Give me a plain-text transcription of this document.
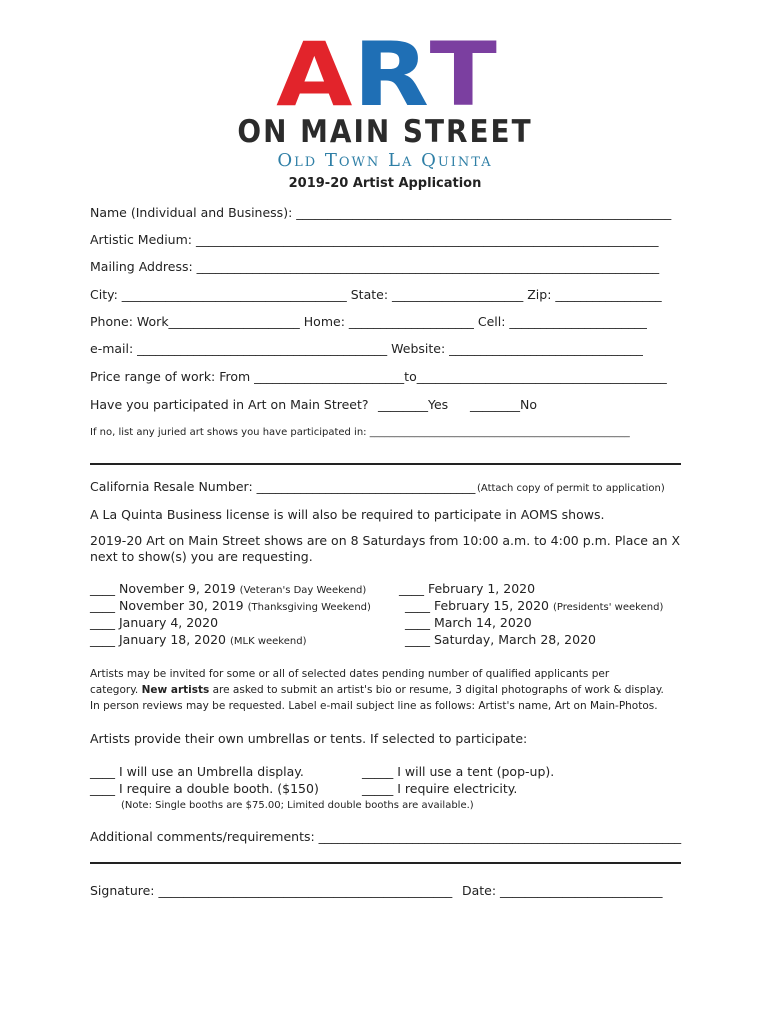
A R T
ON MAIN STREET
Old Town La Quinta
2019-20 Artist Application
Name (Individual and Business): ____________________________________________________________
Artistic Medium: __________________________________________________________________________
Mailing Address: __________________________________________________________________________
City: ____________________________________ State: _____________________ Zip: _________________
Phone: Work_____________________ Home: ____________________ Cell: ______________________
e-mail: ________________________________________ Website: _______________________________
Price range of work: From ________________________to________________________________________
Have you participated in Art on Main Street? ________Yes ________No
If no, list any juried art shows you have participated in: ____________________________________________________
California Resale Number: ___________________________________ (Attach copy of permit to application)
A La Quinta Business license is will also be required to participate in AOMS shows.
2019-20 Art on Main Street shows are on 8 Saturdays from 10:00 a.m. to 4:00 p.m. Place an X
next to show(s) you are requesting.
____ November 9, 2019 (Veteran's Day Weekend)
____ November 30, 2019 (Thanksgiving Weekend)
____ January 4, 2020
____ January 18, 2020 (MLK weekend)
____ February 1, 2020
____ February 15, 2020 (Presidents' weekend)
____ March 14, 2020
____ Saturday, March 28, 2020
Artists may be invited for some or all of selected dates pending number of qualified applicants per
category. New artists are asked to submit an artist's bio or resume, 3 digital photographs of work & display.
In person reviews may be requested. Label e-mail subject line as follows: Artist's name, Art on Main-Photos.
Artists provide their own umbrellas or tents. If selected to participate:
____ I will use an Umbrella display.
____ I require a double booth. ($150)
_____ I will use a tent (pop-up).
_____ I require electricity.
(Note: Single booths are $75.00; Limited double booths are available.)
Additional comments/requirements: __________________________________________________________
Signature: _______________________________________________ Date: __________________________
